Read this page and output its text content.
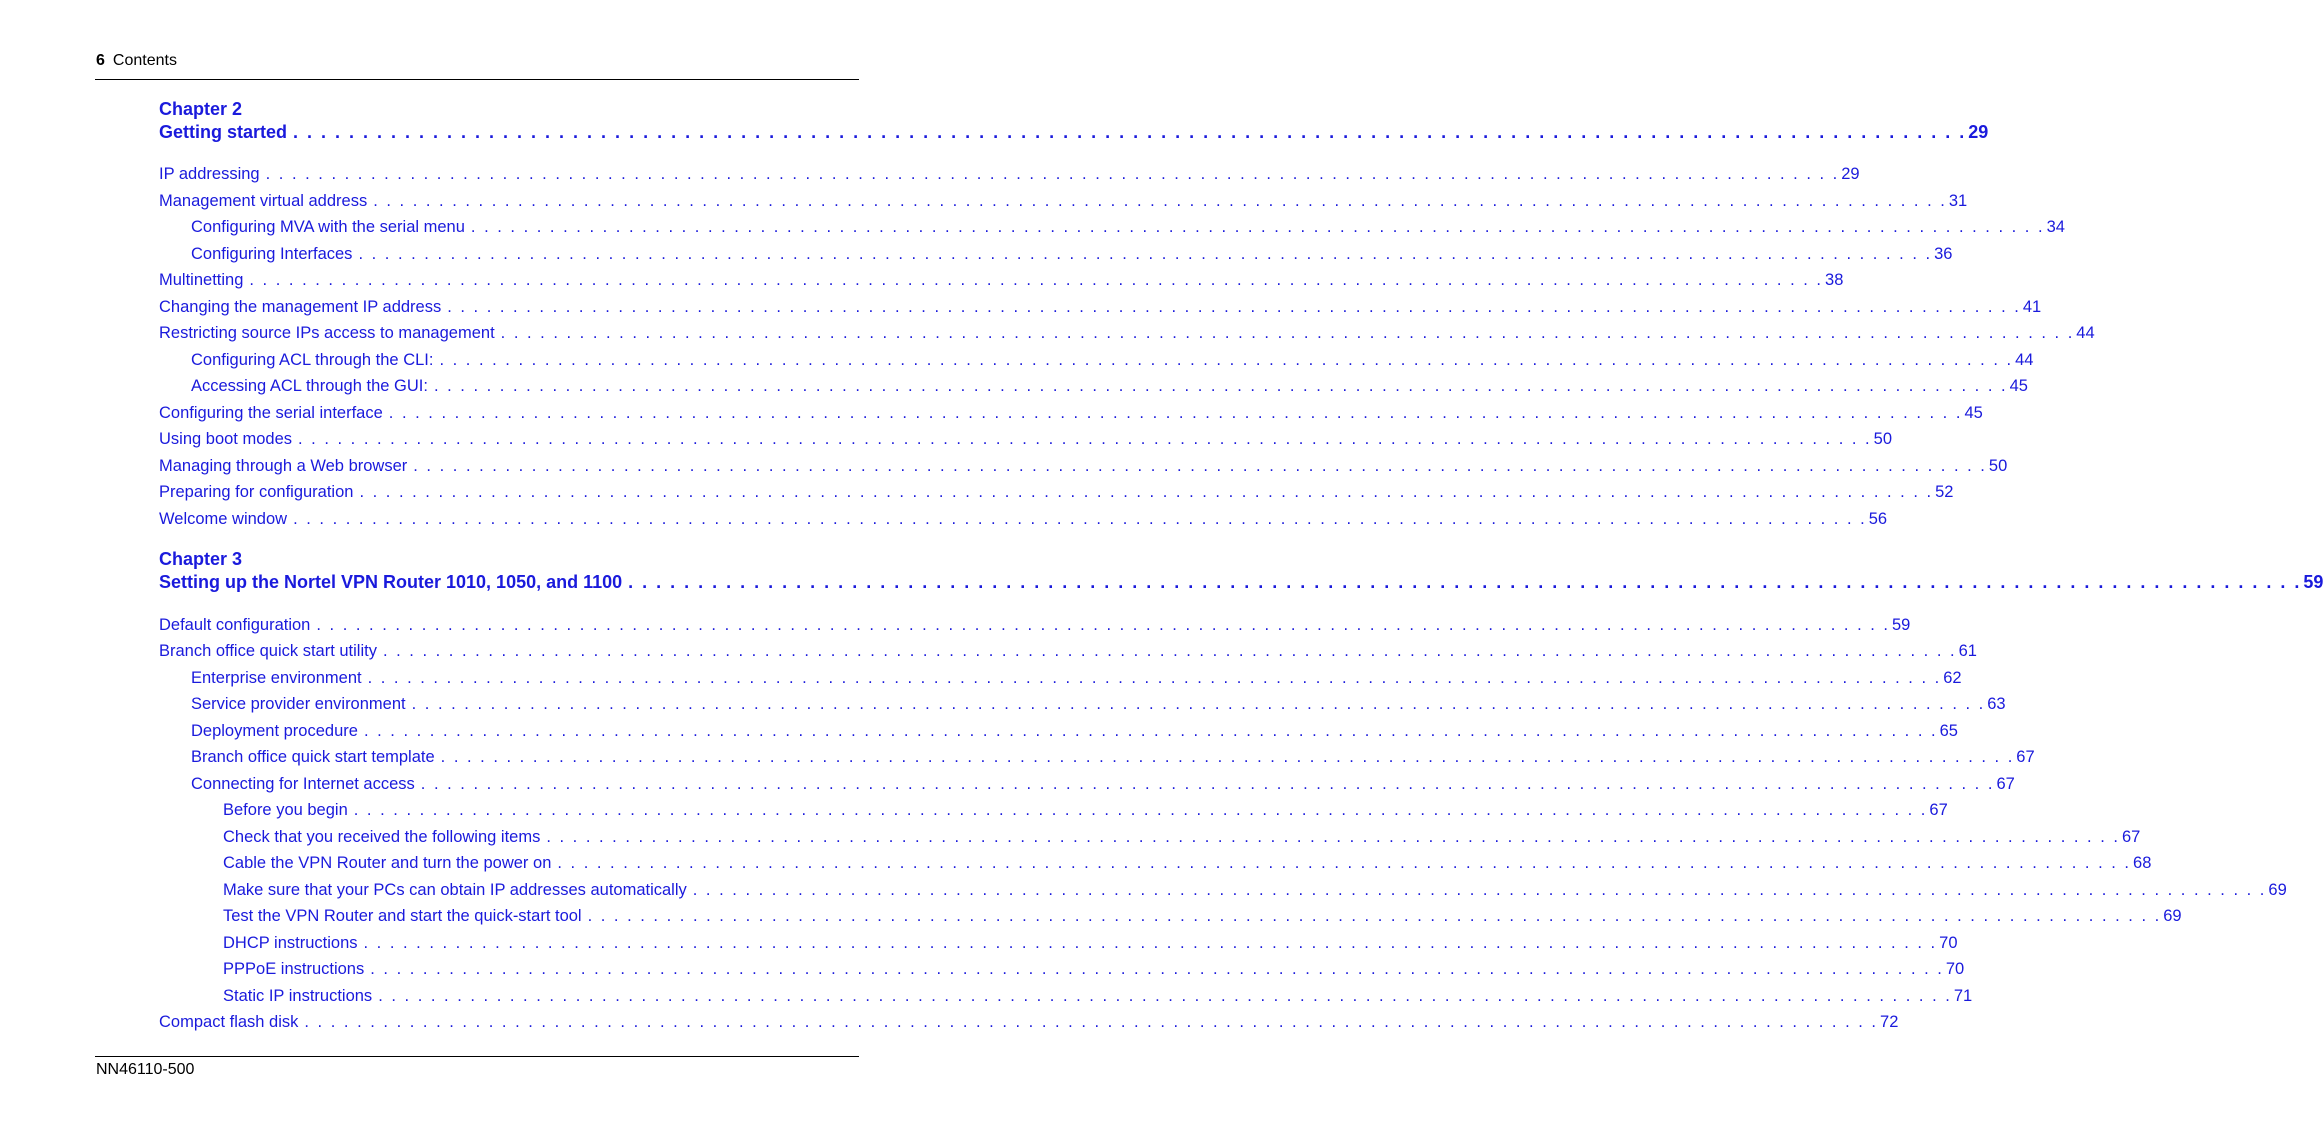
6 Contents
Chapter 2
Getting started . . . . . . . . . . . . . . . . . . . . . . . . . . . . . . . . . . . . . . . . . . . . . . . . . . . . . . . . . . . . . . . . . . . . . . . . . . . . . . . . . . . . . . . . . . . . . . . . . . . . . . . . . . . . . . . . . . . . . . . . 29
IP addressing . . . . . . . . . . . . . . . . . . . . . . . . . . . . . . . . . . . . . . . . . . . . . . . . . . . . . . . . . . . . . . . . . . . . . . . . . . . . . . . . . . . . . . . . . . . . . . . . . . . . . . . . . . . . . . . . . . . . . . . . 29
Management virtual address . . . . . . . . . . . . . . . . . . . . . . . . . . . . . . . . . . . . . . . . . . . . . . . . . . . . . . . . . . . . . . . . . . . . . . . . . . . . . . . . . . . . . . . . . . . . . . . . . . . . . . . . . . . . . . . . . . . . . . . . 31
Configuring MVA with the serial menu . . . . . . . . . . . . . . . . . . . . . . . . . . . . . . . . . . . . . . . . . . . . . . . . . . . . . . . . . . . . . . . . . . . . . . . . . . . . . . . . . . . . . . . . . . . . . . . . . . . . . . . . . . . . . . . . . . . . . . . . 34
Configuring Interfaces . . . . . . . . . . . . . . . . . . . . . . . . . . . . . . . . . . . . . . . . . . . . . . . . . . . . . . . . . . . . . . . . . . . . . . . . . . . . . . . . . . . . . . . . . . . . . . . . . . . . . . . . . . . . . . . . . . . . . . . . 36
Multinetting . . . . . . . . . . . . . . . . . . . . . . . . . . . . . . . . . . . . . . . . . . . . . . . . . . . . . . . . . . . . . . . . . . . . . . . . . . . . . . . . . . . . . . . . . . . . . . . . . . . . . . . . . . . . . . . . . . . . . . . . 38
Changing the management IP address . . . . . . . . . . . . . . . . . . . . . . . . . . . . . . . . . . . . . . . . . . . . . . . . . . . . . . . . . . . . . . . . . . . . . . . . . . . . . . . . . . . . . . . . . . . . . . . . . . . . . . . . . . . . . . . . . . . . . . . . 41
Restricting source IPs access to management . . . . . . . . . . . . . . . . . . . . . . . . . . . . . . . . . . . . . . . . . . . . . . . . . . . . . . . . . . . . . . . . . . . . . . . . . . . . . . . . . . . . . . . . . . . . . . . . . . . . . . . . . . . . . . . . . . . . . . . . 44
Configuring ACL through the CLI: . . . . . . . . . . . . . . . . . . . . . . . . . . . . . . . . . . . . . . . . . . . . . . . . . . . . . . . . . . . . . . . . . . . . . . . . . . . . . . . . . . . . . . . . . . . . . . . . . . . . . . . . . . . . . . . . . . . . . . . . 44
Accessing ACL through the GUI: . . . . . . . . . . . . . . . . . . . . . . . . . . . . . . . . . . . . . . . . . . . . . . . . . . . . . . . . . . . . . . . . . . . . . . . . . . . . . . . . . . . . . . . . . . . . . . . . . . . . . . . . . . . . . . . . . . . . . . . . 45
Configuring the serial interface . . . . . . . . . . . . . . . . . . . . . . . . . . . . . . . . . . . . . . . . . . . . . . . . . . . . . . . . . . . . . . . . . . . . . . . . . . . . . . . . . . . . . . . . . . . . . . . . . . . . . . . . . . . . . . . . . . . . . . . . 45
Using boot modes . . . . . . . . . . . . . . . . . . . . . . . . . . . . . . . . . . . . . . . . . . . . . . . . . . . . . . . . . . . . . . . . . . . . . . . . . . . . . . . . . . . . . . . . . . . . . . . . . . . . . . . . . . . . . . . . . . . . . . . . 50
Managing through a Web browser . . . . . . . . . . . . . . . . . . . . . . . . . . . . . . . . . . . . . . . . . . . . . . . . . . . . . . . . . . . . . . . . . . . . . . . . . . . . . . . . . . . . . . . . . . . . . . . . . . . . . . . . . . . . . . . . . . . . . . . . 50
Preparing for configuration . . . . . . . . . . . . . . . . . . . . . . . . . . . . . . . . . . . . . . . . . . . . . . . . . . . . . . . . . . . . . . . . . . . . . . . . . . . . . . . . . . . . . . . . . . . . . . . . . . . . . . . . . . . . . . . . . . . . . . . . 52
Welcome window . . . . . . . . . . . . . . . . . . . . . . . . . . . . . . . . . . . . . . . . . . . . . . . . . . . . . . . . . . . . . . . . . . . . . . . . . . . . . . . . . . . . . . . . . . . . . . . . . . . . . . . . . . . . . . . . . . . . . . . . 56
Chapter 3
Setting up the Nortel VPN Router 1010, 1050, and 1100 . . . . . . . . . . . . . . . . . . . . . . . . . . . . . . . . . . . . . . . . . . . . . . . . . . . . . . . . . . . . . . . . . . . . . . . . . . . . . . . . . . . . . . . . . . . . . . . . . . . . . . . . . . . . . . . . . . . . . . . . 59
Default configuration . . . . . . . . . . . . . . . . . . . . . . . . . . . . . . . . . . . . . . . . . . . . . . . . . . . . . . . . . . . . . . . . . . . . . . . . . . . . . . . . . . . . . . . . . . . . . . . . . . . . . . . . . . . . . . . . . . . . . . . . 59
Branch office quick start utility . . . . . . . . . . . . . . . . . . . . . . . . . . . . . . . . . . . . . . . . . . . . . . . . . . . . . . . . . . . . . . . . . . . . . . . . . . . . . . . . . . . . . . . . . . . . . . . . . . . . . . . . . . . . . . . . . . . . . . . . 61
Enterprise environment . . . . . . . . . . . . . . . . . . . . . . . . . . . . . . . . . . . . . . . . . . . . . . . . . . . . . . . . . . . . . . . . . . . . . . . . . . . . . . . . . . . . . . . . . . . . . . . . . . . . . . . . . . . . . . . . . . . . . . . . 62
Service provider environment . . . . . . . . . . . . . . . . . . . . . . . . . . . . . . . . . . . . . . . . . . . . . . . . . . . . . . . . . . . . . . . . . . . . . . . . . . . . . . . . . . . . . . . . . . . . . . . . . . . . . . . . . . . . . . . . . . . . . . . . 63
Deployment procedure . . . . . . . . . . . . . . . . . . . . . . . . . . . . . . . . . . . . . . . . . . . . . . . . . . . . . . . . . . . . . . . . . . . . . . . . . . . . . . . . . . . . . . . . . . . . . . . . . . . . . . . . . . . . . . . . . . . . . . . . 65
Branch office quick start template . . . . . . . . . . . . . . . . . . . . . . . . . . . . . . . . . . . . . . . . . . . . . . . . . . . . . . . . . . . . . . . . . . . . . . . . . . . . . . . . . . . . . . . . . . . . . . . . . . . . . . . . . . . . . . . . . . . . . . . . 67
Connecting for Internet access . . . . . . . . . . . . . . . . . . . . . . . . . . . . . . . . . . . . . . . . . . . . . . . . . . . . . . . . . . . . . . . . . . . . . . . . . . . . . . . . . . . . . . . . . . . . . . . . . . . . . . . . . . . . . . . . . . . . . . . . 67
Before you begin . . . . . . . . . . . . . . . . . . . . . . . . . . . . . . . . . . . . . . . . . . . . . . . . . . . . . . . . . . . . . . . . . . . . . . . . . . . . . . . . . . . . . . . . . . . . . . . . . . . . . . . . . . . . . . . . . . . . . . . . 67
Check that you received the following items . . . . . . . . . . . . . . . . . . . . . . . . . . . . . . . . . . . . . . . . . . . . . . . . . . . . . . . . . . . . . . . . . . . . . . . . . . . . . . . . . . . . . . . . . . . . . . . . . . . . . . . . . . . . . . . . . . . . . . . . 67
Cable the VPN Router and turn the power on . . . . . . . . . . . . . . . . . . . . . . . . . . . . . . . . . . . . . . . . . . . . . . . . . . . . . . . . . . . . . . . . . . . . . . . . . . . . . . . . . . . . . . . . . . . . . . . . . . . . . . . . . . . . . . . . . . . . . . . . 68
Make sure that your PCs can obtain IP addresses automatically . . . . . . . . . . . . . . . . . . . . . . . . . . . . . . . . . . . . . . . . . . . . . . . . . . . . . . . . . . . . . . . . . . . . . . . . . . . . . . . . . . . . . . . . . . . . . . . . . . . . . . . . . . . . . . . . . . . . . . . . 69
Test the VPN Router and start the quick-start tool . . . . . . . . . . . . . . . . . . . . . . . . . . . . . . . . . . . . . . . . . . . . . . . . . . . . . . . . . . . . . . . . . . . . . . . . . . . . . . . . . . . . . . . . . . . . . . . . . . . . . . . . . . . . . . . . . . . . . . . . 69
DHCP instructions . . . . . . . . . . . . . . . . . . . . . . . . . . . . . . . . . . . . . . . . . . . . . . . . . . . . . . . . . . . . . . . . . . . . . . . . . . . . . . . . . . . . . . . . . . . . . . . . . . . . . . . . . . . . . . . . . . . . . . . . 70
PPPoE instructions . . . . . . . . . . . . . . . . . . . . . . . . . . . . . . . . . . . . . . . . . . . . . . . . . . . . . . . . . . . . . . . . . . . . . . . . . . . . . . . . . . . . . . . . . . . . . . . . . . . . . . . . . . . . . . . . . . . . . . . . 70
Static IP instructions . . . . . . . . . . . . . . . . . . . . . . . . . . . . . . . . . . . . . . . . . . . . . . . . . . . . . . . . . . . . . . . . . . . . . . . . . . . . . . . . . . . . . . . . . . . . . . . . . . . . . . . . . . . . . . . . . . . . . . . . 71
Compact flash disk . . . . . . . . . . . . . . . . . . . . . . . . . . . . . . . . . . . . . . . . . . . . . . . . . . . . . . . . . . . . . . . . . . . . . . . . . . . . . . . . . . . . . . . . . . . . . . . . . . . . . . . . . . . . . . . . . . . . . . . . 72
NN46110-500
